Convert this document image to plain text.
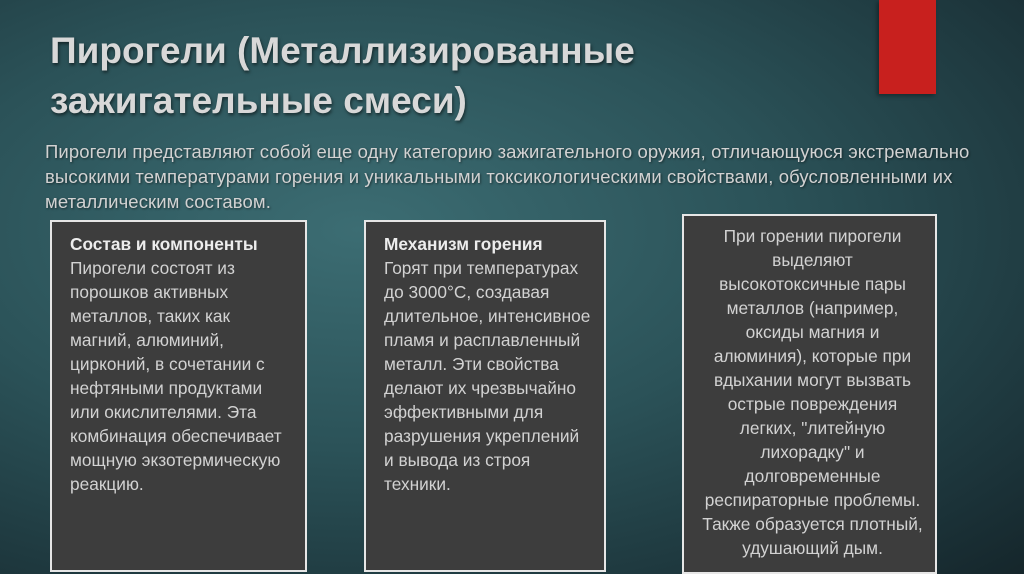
Пирогели (Металлизированные зажигательные смеси)

Пирогели представляют собой еще одну категорию зажигательного оружия, отличающуюся экстремально высокими температурами горения и уникальными токсикологическими свойствами, обусловленными их металлическим составом.

Состав и компоненты
Пирогели состоят из порошков активных металлов, таких как магний, алюминий, цирконий, в сочетании с нефтяными продуктами или окислителями. Эта комбинация обеспечивает мощную экзотермическую реакцию.
Механизм горения
Горят при температурах до 3000°С, создавая длительное, интенсивное пламя и расплавленный металл. Эти свойства делают их чрезвычайно эффективными для разрушения укреплений и вывода из строя техники.
При горении пирогели выделяют высокотоксичные пары металлов (например, оксиды магния и алюминия), которые при вдыхании могут вызвать острые повреждения легких, "литейную лихорадку" и долговременные респираторные проблемы. Также образуется плотный, удушающий дым.
